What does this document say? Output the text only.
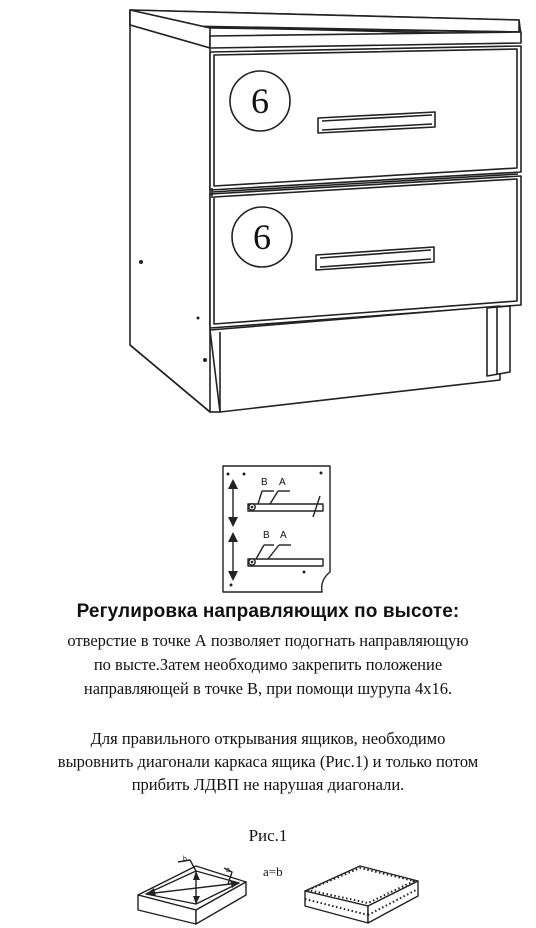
6
6
B A
B A
Регулировка направляющих по высоте:
отверстие в точке А позволяет подогнать направляющую
по выcте.Затем необходимо закрепить положение
направляющей в точке В, при помощи шурупа 4х16.
Для правильного открывания ящиков, необходимо
выровнить диагонали каркаса ящика (Рис.1) и только потом
прибить ЛДВП не нарушая диагонали.
Рис.1
a=b
b
a
